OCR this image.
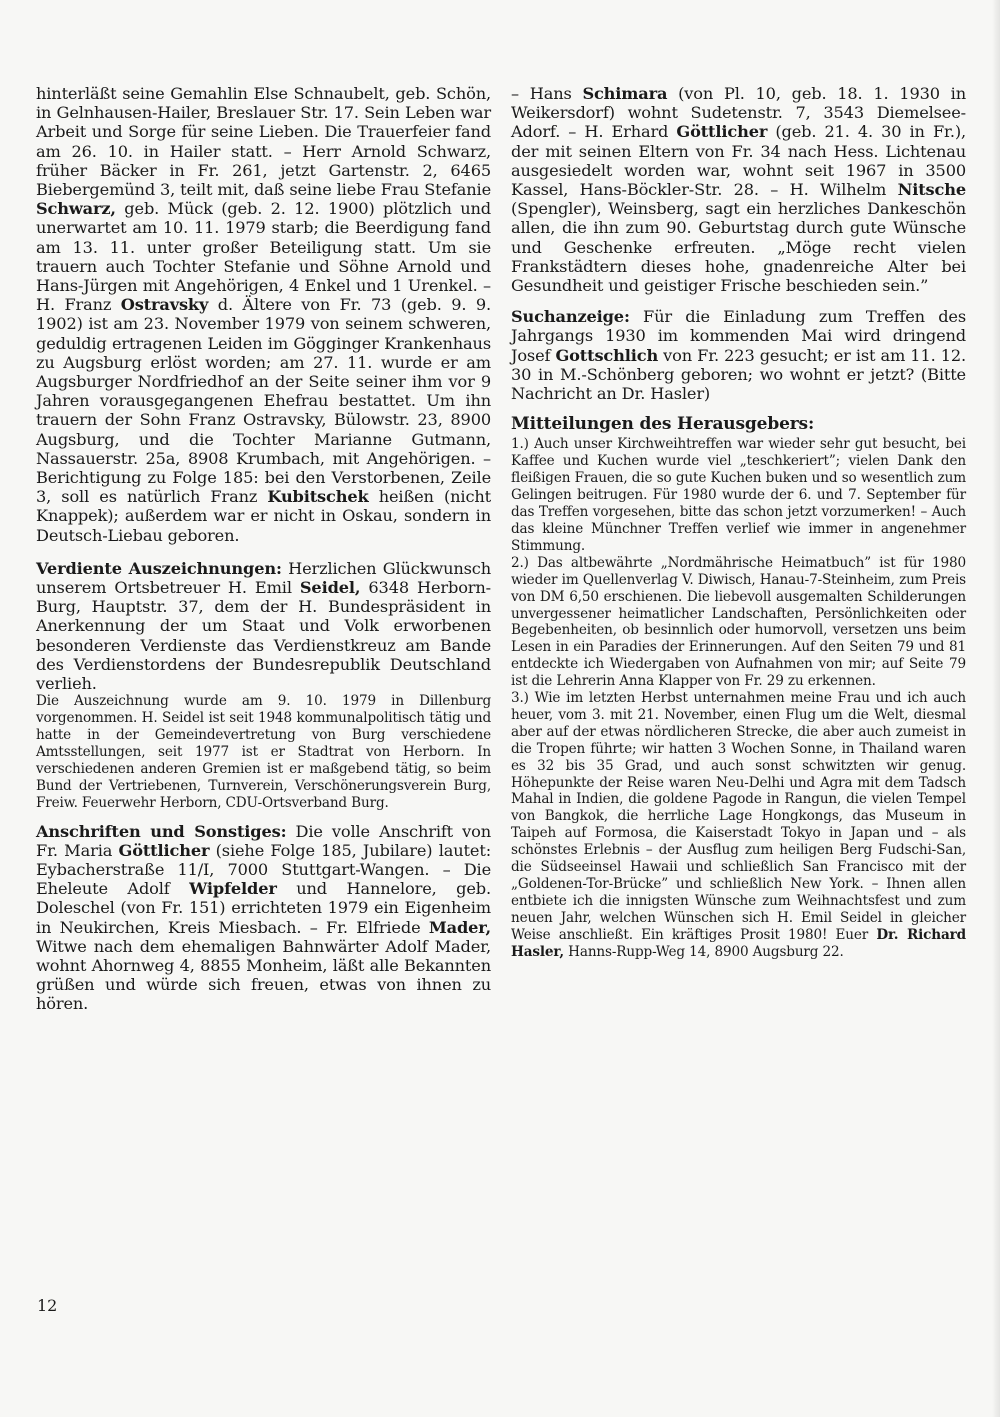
hinterläßt seine Gemahlin Else Schnaubelt, geb. Schön, in Gelnhausen-Hailer, Breslauer Str. 17. Sein Leben war Arbeit und Sorge für seine Lieben. Die Trauerfeier fand am 26. 10. in Hailer statt. – Herr Arnold Schwarz, früher Bäcker in Fr. 261, jetzt Gartenstr. 2, 6465 Biebergemünd 3, teilt mit, daß seine liebe Frau Stefanie Schwarz, geb. Mück (geb. 2. 12. 1900) plötzlich und unerwartet am 10. 11. 1979 starb; die Beerdigung fand am 13. 11. unter großer Beteiligung statt. Um sie trauern auch Tochter Stefanie und Söhne Arnold und Hans-Jürgen mit Angehörigen, 4 Enkel und 1 Urenkel. – H. Franz Ostravsky d. Ältere von Fr. 73 (geb. 9. 9. 1902) ist am 23. November 1979 von seinem schweren, geduldig ertragenen Leiden im Gögginger Krankenhaus zu Augsburg erlöst worden; am 27. 11. wurde er am Augsburger Nordfriedhof an der Seite seiner ihm vor 9 Jahren vorausgegangenen Ehefrau bestattet. Um ihn trauern der Sohn Franz Ostravsky, Bülowstr. 23, 8900 Augsburg, und die Tochter Marianne Gutmann, Nassauerstr. 25a, 8908 Krumbach, mit Angehörigen. – Berichtigung zu Folge 185: bei den Verstorbenen, Zeile 3, soll es natürlich Franz Kubitschek heißen (nicht Knappek); außerdem war er nicht in Oskau, sondern in Deutsch-Liebau geboren.

Verdiente Auszeichnungen: Herzlichen Glückwunsch unserem Ortsbetreuer H. Emil Seidel, 6348 Herborn-Burg, Hauptstr. 37, dem der H. Bundespräsident in Anerkennung der um Staat und Volk erworbenen besonderen Verdienste das Verdienstkreuz am Bande des Verdienstordens der Bundesrepublik Deutschland verlieh.

Die Auszeichnung wurde am 9. 10. 1979 in Dillenburg vorgenommen. H. Seidel ist seit 1948 kommunalpolitisch tätig und hatte in der Gemeindevertretung von Burg verschiedene Amtsstellungen, seit 1977 ist er Stadtrat von Herborn. In verschiedenen anderen Gremien ist er maßgebend tätig, so beim Bund der Vertriebenen, Turnverein, Verschönerungsverein Burg, Freiw. Feuerwehr Herborn, CDU-Ortsverband Burg.

Anschriften und Sonstiges: Die volle Anschrift von Fr. Maria Göttlicher (siehe Folge 185, Jubilare) lautet: Eybacherstraße 11/I, 7000 Stuttgart-Wangen. – Die Eheleute Adolf Wipfelder und Hannelore, geb. Doleschel (von Fr. 151) errichteten 1979 ein Eigenheim in Neukirchen, Kreis Miesbach. – Fr. Elfriede Mader, Witwe nach dem ehemaligen Bahnwärter Adolf Mader, wohnt Ahornweg 4, 8855 Monheim, läßt alle Bekannten grüßen und würde sich freuen, etwas von ihnen zu hören.

– Hans Schimara (von Pl. 10, geb. 18. 1. 1930 in Weikersdorf) wohnt Sudetenstr. 7, 3543 Diemelsee-Adorf. – H. Erhard Göttlicher (geb. 21. 4. 30 in Fr.), der mit seinen Eltern von Fr. 34 nach Hess. Lichtenau ausgesiedelt worden war, wohnt seit 1967 in 3500 Kassel, Hans-Böckler-Str. 28. – H. Wilhelm Nitsche (Spengler), Weinsberg, sagt ein herzliches Dankeschön allen, die ihn zum 90. Geburtstag durch gute Wünsche und Geschenke erfreuten. „Möge recht vielen Frankstädtern dieses hohe, gnadenreiche Alter bei Gesundheit und geistiger Frische beschieden sein.”

Suchanzeige: Für die Einladung zum Treffen des Jahrgangs 1930 im kommenden Mai wird dringend Josef Gottschlich von Fr. 223 gesucht; er ist am 11. 12. 30 in M.-Schönberg geboren; wo wohnt er jetzt? (Bitte Nachricht an Dr. Hasler)

Mitteilungen des Herausgebers:

1.) Auch unser Kirchweihtreffen war wieder sehr gut besucht, bei Kaffee und Kuchen wurde viel „teschkeriert”; vielen Dank den fleißigen Frauen, die so gute Kuchen buken und so wesentlich zum Gelingen beitrugen. Für 1980 wurde der 6. und 7. September für das Treffen vorgesehen, bitte das schon jetzt vorzumerken! – Auch das kleine Münchner Treffen verlief wie immer in angenehmer Stimmung.

2.) Das altbewährte „Nordmährische Heimatbuch” ist für 1980 wieder im Quellenverlag V. Diwisch, Hanau-7-Steinheim, zum Preis von DM 6,50 erschienen. Die liebevoll ausgemalten Schilderungen unvergessener heimatlicher Landschaften, Persönlichkeiten oder Begebenheiten, ob besinnlich oder humorvoll, versetzen uns beim Lesen in ein Paradies der Erinnerungen. Auf den Seiten 79 und 81 entdeckte ich Wiedergaben von Aufnahmen von mir; auf Seite 79 ist die Lehrerin Anna Klapper von Fr. 29 zu erkennen.

3.) Wie im letzten Herbst unternahmen meine Frau und ich auch heuer, vom 3. mit 21. November, einen Flug um die Welt, diesmal aber auf der etwas nördlicheren Strecke, die aber auch zumeist in die Tropen führte; wir hatten 3 Wochen Sonne, in Thailand waren es 32 bis 35 Grad, und auch sonst schwitzten wir genug. Höhepunkte der Reise waren Neu-Delhi und Agra mit dem Tadsch Mahal in Indien, die goldene Pagode in Rangun, die vielen Tempel von Bangkok, die herrliche Lage Hongkongs, das Museum in Taipeh auf Formosa, die Kaiserstadt Tokyo in Japan und – als schönstes Erlebnis – der Ausflug zum heiligen Berg Fudschi-San, die Südseeinsel Hawaii und schließlich San Francisco mit der „Goldenen-Tor-Brücke” und schließlich New York. – Ihnen allen entbiete ich die innigsten Wünsche zum Weihnachtsfest und zum neuen Jahr, welchen Wünschen sich H. Emil Seidel in gleicher Weise anschließt. Ein kräftiges Prosit 1980! Euer Dr. Richard Hasler, Hanns-Rupp-Weg 14, 8900 Augsburg 22.

12
